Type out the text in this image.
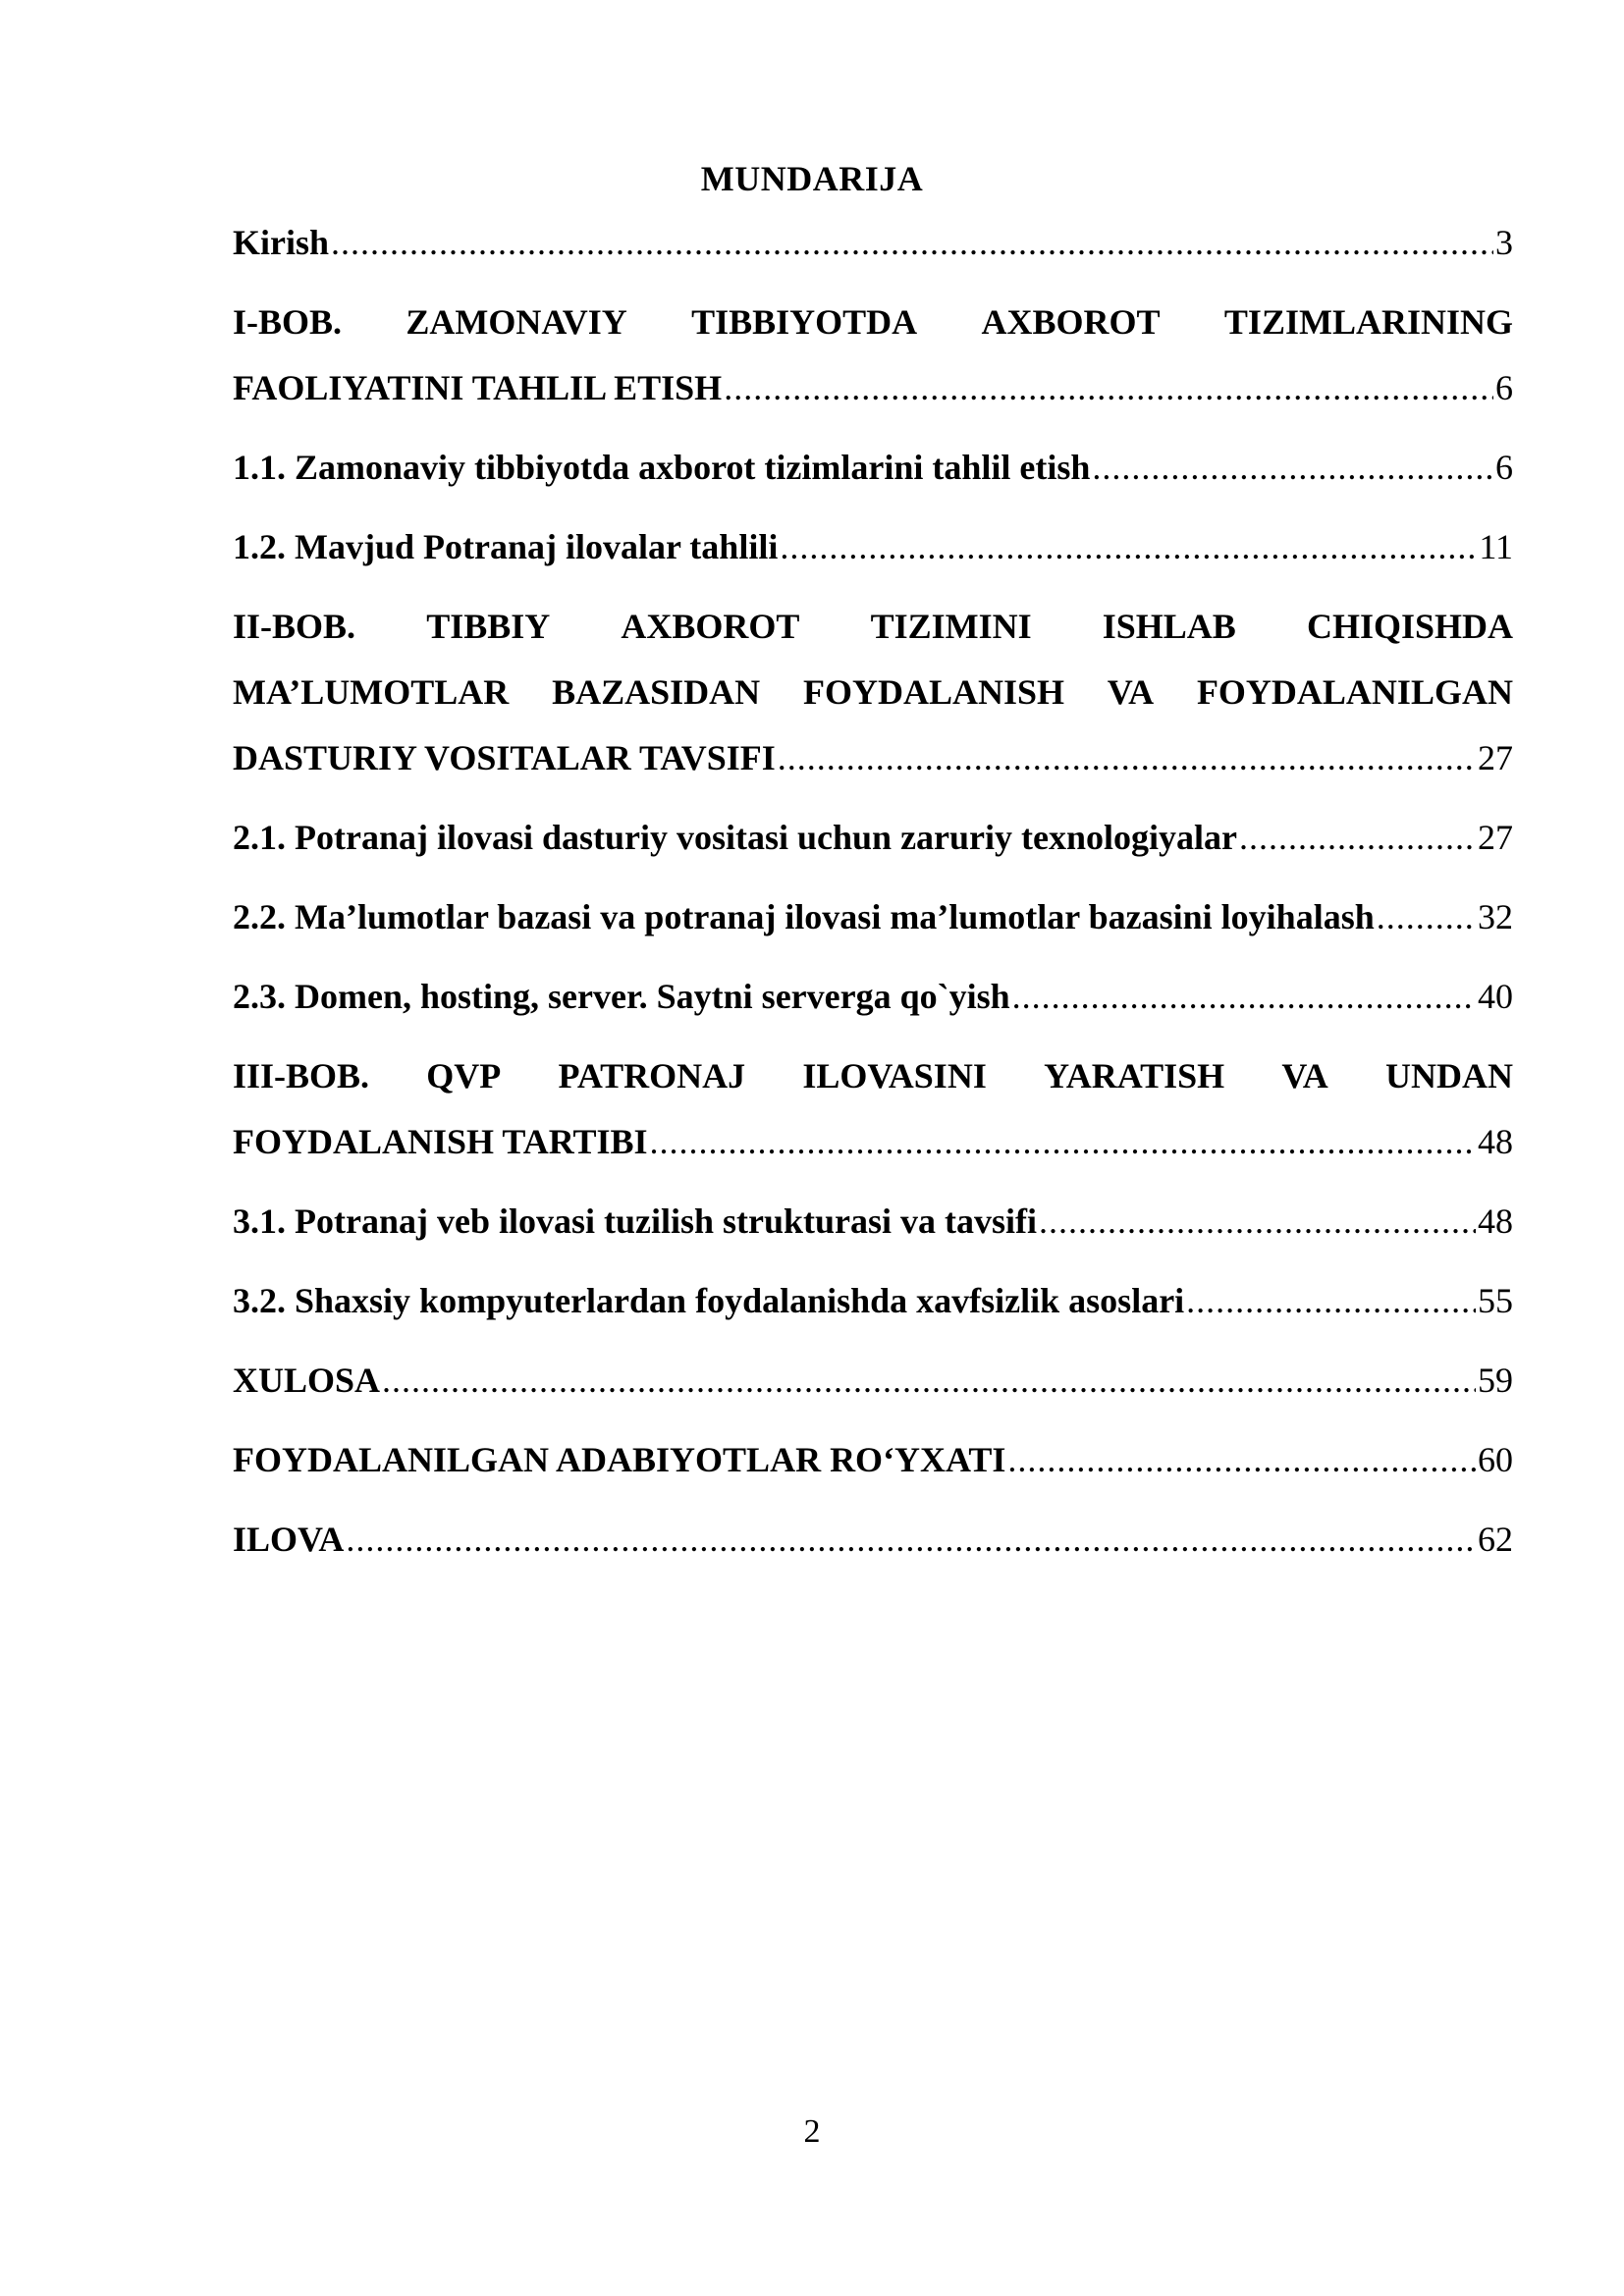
MUNDARIJA
Kirish .....	3
I-BOB. ZAMONAVIY TIBBIYOTDA AXBOROT TIZIMLARINING
FAOLIYATINI TAHLIL ETISH .....	6
1.1. Zamonaviy tibbiyotda axborot tizimlarini tahlil etish .....	6
1.2. Mavjud Potranaj ilovalar tahlili .....	11
II-BOB. TIBBIY AXBOROT TIZIMINI ISHLAB CHIQISHDA
MA’LUMOTLAR BAZASIDAN FOYDALANISH VA FOYDALANILGAN
DASTURIY VOSITALAR TAVSIFI .....	27
2.1. Potranaj ilovasi dasturiy vositasi uchun zaruriy texnologiyalar .....	27
2.2. Ma’lumotlar bazasi va potranaj ilovasi ma’lumotlar bazasini loyihalash .....	32
2.3. Domen, hosting, server. Saytni serverga qo`yish .....	40
III-BOB. QVP PATRONAJ ILOVASINI YARATISH VA UNDAN
FOYDALANISH TARTIBI .....	48
3.1. Potranaj veb ilovasi tuzilish strukturasi va tavsifi .....	48
3.2. Shaxsiy kompyuterlardan foydalanishda xavfsizlik asoslari .....	55
XULOSA .....	59
FOYDALANILGAN ADABIYOTLAR RO‘YXATI .....	60
ILOVA .....	62
2
